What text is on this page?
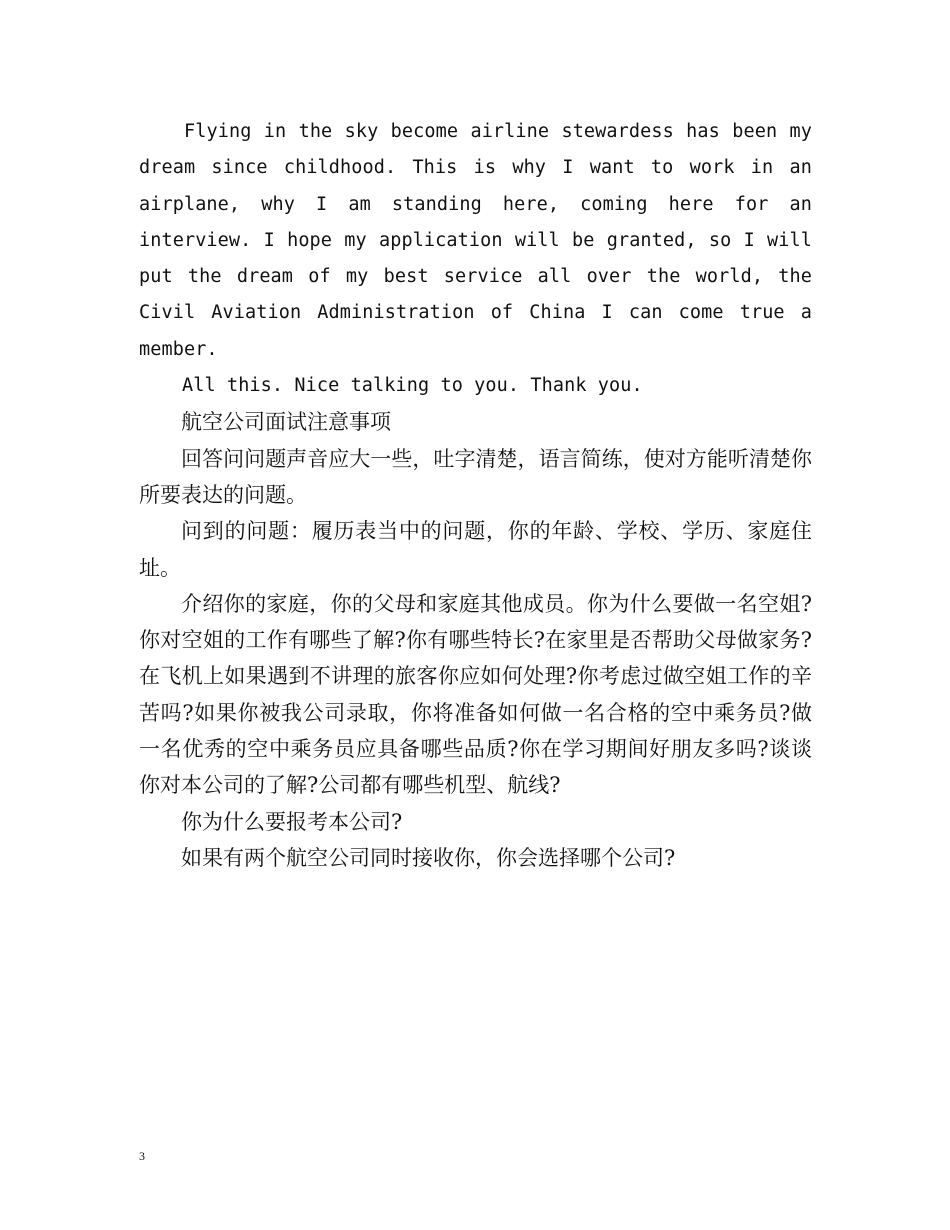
Flying in the sky become airline stewardess has been my dream since childhood. This is why I want to work in an airplane, why I am standing here, coming here for an interview. I hope my application will be granted, so I will put the dream of my best service all over the world, the Civil Aviation Administration of China I can come true a member.

All this. Nice talking to you. Thank you.

航空公司面试注意事项

回答问问题声音应大一些，吐字清楚，语言简练，使对方能听清楚你所要表达的问题。

问到的问题：履历表当中的问题，你的年龄、学校、学历、家庭住址。

介绍你的家庭，你的父母和家庭其他成员。你为什么要做一名空姐?你对空姐的工作有哪些了解?你有哪些特长?在家里是否帮助父母做家务?在飞机上如果遇到不讲理的旅客你应如何处理?你考虑过做空姐工作的辛苦吗?如果你被我公司录取，你将准备如何做一名合格的空中乘务员?做一名优秀的空中乘务员应具备哪些品质?你在学习期间好朋友多吗?谈谈你对本公司的了解?公司都有哪些机型、航线?

你为什么要报考本公司?

如果有两个航空公司同时接收你，你会选择哪个公司?

3
